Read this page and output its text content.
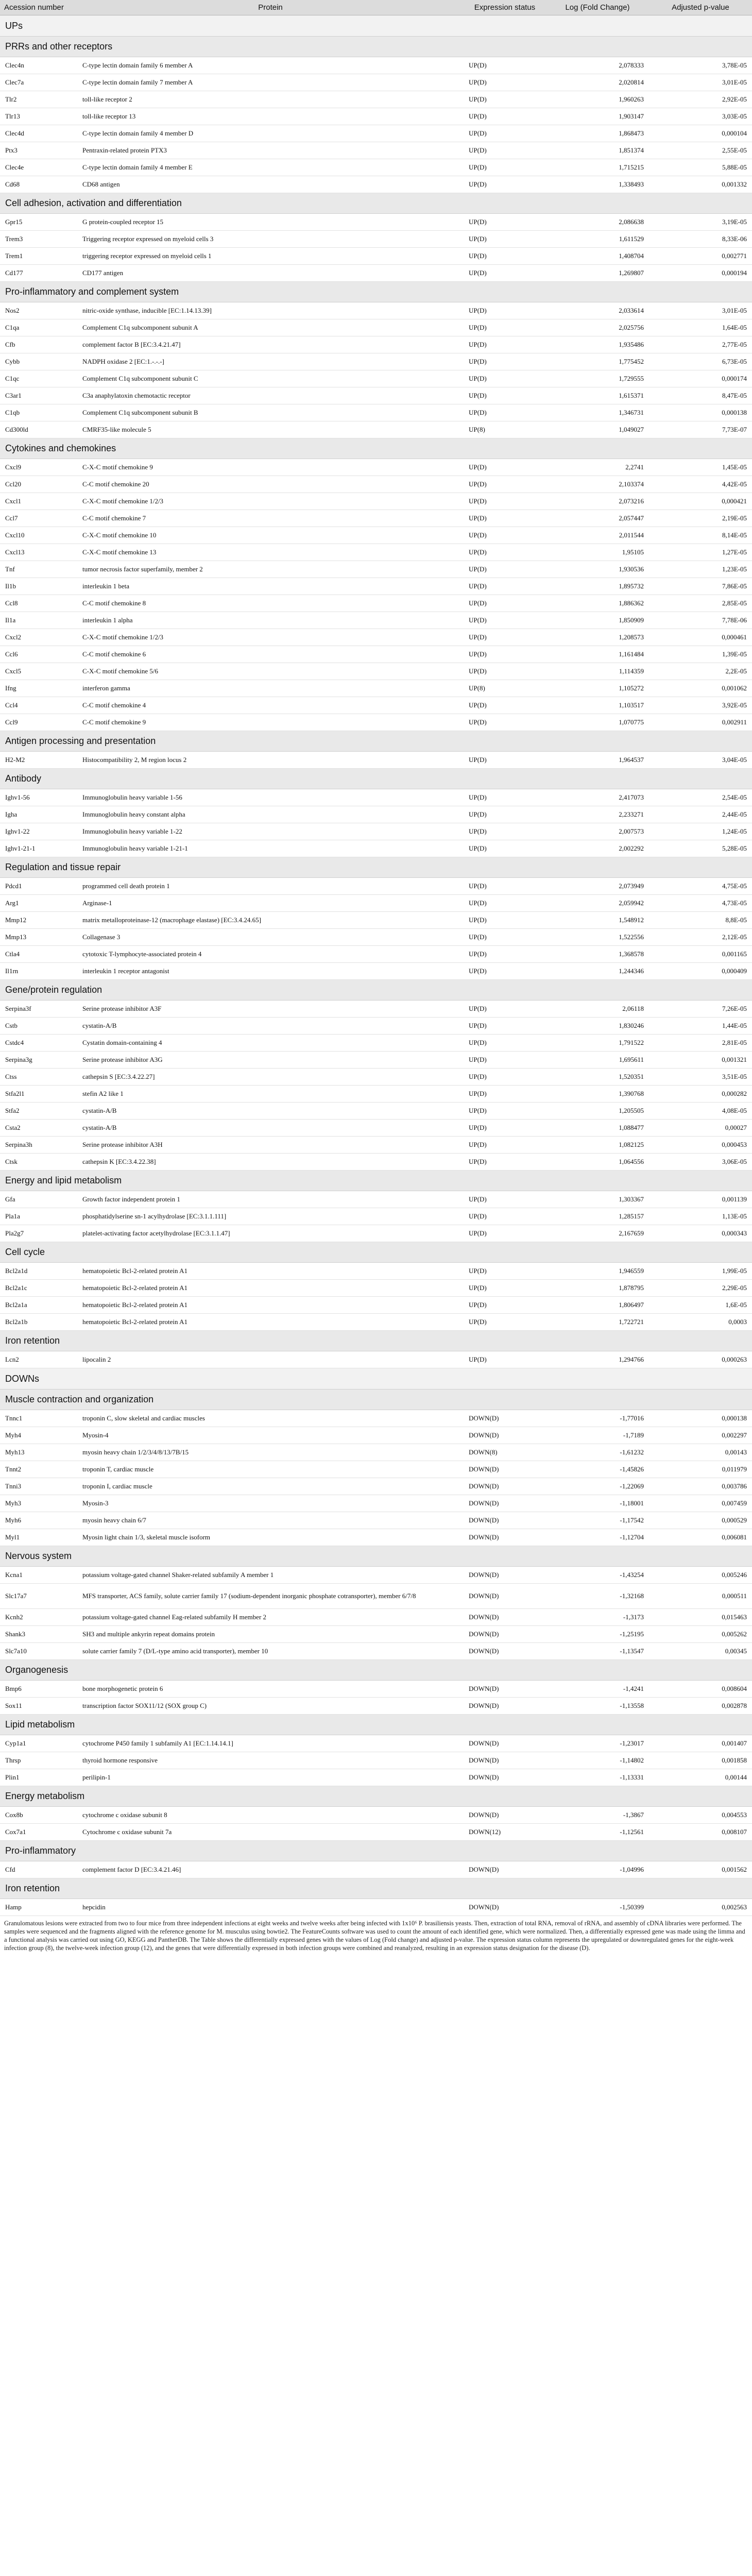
Acession number	Protein	Expression status	Log (Fold Change)	Adjusted p-value
UPs				
PRRs and other receptors				
Clec4n	C-type lectin domain family 6 member A	UP(D)	2,078333	3,78E-05
Clec7a	C-type lectin domain family 7 member A	UP(D)	2,020814	3,01E-05
Tlr2	toll-like receptor 2	UP(D)	1,960263	2,92E-05
Tlr13	toll-like receptor 13	UP(D)	1,903147	3,03E-05
Clec4d	C-type lectin domain family 4 member D	UP(D)	1,868473	0,000104
Ptx3	Pentraxin-related protein PTX3	UP(D)	1,851374	2,55E-05
Clec4e	C-type lectin domain family 4 member E	UP(D)	1,715215	5,88E-05
Cd68	CD68 antigen	UP(D)	1,338493	0,001332
Cell adhesion, activation and differentiation				
Gpr15	G protein-coupled receptor 15	UP(D)	2,086638	3,19E-05
Trem3	Triggering receptor expressed on myeloid cells 3	UP(D)	1,611529	8,33E-06
Trem1	triggering receptor expressed on myeloid cells 1	UP(D)	1,408704	0,002771
Cd177	CD177 antigen	UP(D)	1,269807	0,000194
Pro-inflammatory and complement system				
Nos2	nitric-oxide synthase, inducible [EC:1.14.13.39]	UP(D)	2,033614	3,01E-05
C1qa	Complement C1q subcomponent subunit A	UP(D)	2,025756	1,64E-05
Cfb	complement factor B [EC:3.4.21.47]	UP(D)	1,935486	2,77E-05
Cybb	NADPH oxidase 2 [EC:1.-.-.-]	UP(D)	1,775452	6,73E-05
C1qc	Complement C1q subcomponent subunit C	UP(D)	1,729555	0,000174
C3ar1	C3a anaphylatoxin chemotactic receptor	UP(D)	1,615371	8,47E-05
C1qb	Complement C1q subcomponent subunit B	UP(D)	1,346731	0,000138
Cd300ld	CMRF35-like molecule 5	UP(8)	1,049027	7,73E-07
Cytokines and chemokines				
Cxcl9	C-X-C motif chemokine 9	UP(D)	2,2741	1,45E-05
Ccl20	C-C motif chemokine 20	UP(D)	2,103374	4,42E-05
Cxcl1	C-X-C motif chemokine 1/2/3	UP(D)	2,073216	0,000421
Ccl7	C-C motif chemokine 7	UP(D)	2,057447	2,19E-05
Cxcl10	C-X-C motif chemokine 10	UP(D)	2,011544	8,14E-05
Cxcl13	C-X-C motif chemokine 13	UP(D)	1,95105	1,27E-05
Tnf	tumor necrosis factor superfamily, member 2	UP(D)	1,930536	1,23E-05
Il1b	interleukin 1 beta	UP(D)	1,895732	7,86E-05
Ccl8	C-C motif chemokine 8	UP(D)	1,886362	2,85E-05
Il1a	interleukin 1 alpha	UP(D)	1,850909	7,78E-06
Cxcl2	C-X-C motif chemokine 1/2/3	UP(D)	1,208573	0,000461
Ccl6	C-C motif chemokine 6	UP(D)	1,161484	1,39E-05
Cxcl5	C-X-C motif chemokine 5/6	UP(D)	1,114359	2,2E-05
Ifng	interferon gamma	UP(8)	1,105272	0,001062
Ccl4	C-C motif chemokine 4	UP(D)	1,103517	3,92E-05
Ccl9	C-C motif chemokine 9	UP(D)	1,070775	0,002911
Antigen processing and presentation				
H2-M2	Histocompatibility 2, M region locus 2	UP(D)	1,964537	3,04E-05
Antibody				
Ighv1-56	Immunoglobulin heavy variable 1-56	UP(D)	2,417073	2,54E-05
Igha	Immunoglobulin heavy constant alpha	UP(D)	2,233271	2,44E-05
Ighv1-22	Immunoglobulin heavy variable 1-22	UP(D)	2,007573	1,24E-05
Ighv1-21-1	Immunoglobulin heavy variable 1-21-1	UP(D)	2,002292	5,28E-05
Regulation and tissue repair				
Pdcd1	programmed cell death protein 1	UP(D)	2,073949	4,75E-05
Arg1	Arginase-1	UP(D)	2,059942	4,73E-05
Mmp12	matrix metalloproteinase-12 (macrophage elastase) [EC:3.4.24.65]	UP(D)	1,548912	8,8E-05
Mmp13	Collagenase 3	UP(D)	1,522556	2,12E-05
Ctla4	cytotoxic T-lymphocyte-associated protein 4	UP(D)	1,368578	0,001165
Il1rn	interleukin 1 receptor antagonist	UP(D)	1,244346	0,000409
Gene/protein regulation				
Serpina3f	Serine protease inhibitor A3F	UP(D)	2,06118	7,26E-05
Cstb	cystatin-A/B	UP(D)	1,830246	1,44E-05
Cstdc4	Cystatin domain-containing 4	UP(D)	1,791522	2,81E-05
Serpina3g	Serine protease inhibitor A3G	UP(D)	1,695611	0,001321
Ctss	cathepsin S [EC:3.4.22.27]	UP(D)	1,520351	3,51E-05
Stfa2l1	stefin A2 like 1	UP(D)	1,390768	0,000282
Stfa2	cystatin-A/B	UP(D)	1,205505	4,08E-05
Csta2	cystatin-A/B	UP(D)	1,088477	0,00027
Serpina3h	Serine protease inhibitor A3H	UP(D)	1,082125	0,000453
Ctsk	cathepsin K [EC:3.4.22.38]	UP(D)	1,064556	3,06E-05
Energy and lipid metabolism				
Gfa	Growth factor independent protein 1	UP(D)	1,303367	0,001139
Pla1a	phosphatidylserine sn-1 acylhydrolase [EC:3.1.1.111]	UP(D)	1,285157	1,13E-05
Pla2g7	platelet-activating factor acetylhydrolase [EC:3.1.1.47]	UP(D)	2,167659	0,000343
Cell cycle				
Bcl2a1d	hematopoietic Bcl-2-related protein A1	UP(D)	1,946559	1,99E-05
Bcl2a1c	hematopoietic Bcl-2-related protein A1	UP(D)	1,878795	2,29E-05
Bcl2a1a	hematopoietic Bcl-2-related protein A1	UP(D)	1,806497	1,6E-05
Bcl2a1b	hematopoietic Bcl-2-related protein A1	UP(D)	1,722721	0,0003
Iron retention				
Lcn2	lipocalin 2	UP(D)	1,294766	0,000263
DOWNs				
Muscle contraction and organization				
Tnnc1	troponin C, slow skeletal and cardiac muscles	DOWN(D)	-1,77016	0,000138
Myh4	Myosin-4	DOWN(D)	-1,7189	0,002297
Myh13	myosin heavy chain 1/2/3/4/8/13/7B/15	DOWN(8)	-1,61232	0,00143
Tnnt2	troponin T, cardiac muscle	DOWN(D)	-1,45826	0,011979
Tnni3	troponin I, cardiac muscle	DOWN(D)	-1,22069	0,003786
Myh3	Myosin-3	DOWN(D)	-1,18001	0,007459
Myh6	myosin heavy chain 6/7	DOWN(D)	-1,17542	0,000529
Myl1	Myosin light chain 1/3, skeletal muscle isoform	DOWN(D)	-1,12704	0,006081
Nervous system				
Kcna1	potassium voltage-gated channel Shaker-related subfamily A member 1	DOWN(D)	-1,43254	0,005246
Slc17a7	MFS transporter, ACS family, solute carrier family 17 (sodium-dependent inorganic phosphate cotransporter), member 6/7/8	DOWN(D)	-1,32168	0,000511
Kcnh2	potassium voltage-gated channel Eag-related subfamily H member 2	DOWN(D)	-1,3173	0,015463
Shank3	SH3 and multiple ankyrin repeat domains protein	DOWN(D)	-1,25195	0,005262
Slc7a10	solute carrier family 7 (D/L-type amino acid transporter), member 10	DOWN(D)	-1,13547	0,00345
Organogenesis				
Bmp6	bone morphogenetic protein 6	DOWN(D)	-1,4241	0,008604
Sox11	transcription factor SOX11/12 (SOX group C)	DOWN(D)	-1,13558	0,002878
Lipid metabolism				
Cyp1a1	cytochrome P450 family 1 subfamily A1 [EC:1.14.14.1]	DOWN(D)	-1,23017	0,001407
Thrsp	thyroid hormone responsive	DOWN(D)	-1,14802	0,001858
Plin1	perilipin-1	DOWN(D)	-1,13331	0,00144
Energy metabolism				
Cox8b	cytochrome c oxidase subunit 8	DOWN(D)	-1,3867	0,004553
Cox7a1	Cytochrome c oxidase subunit 7a	DOWN(12)	-1,12561	0,008107
Pro-inflammatory				
Cfd	complement factor D [EC:3.4.21.46]	DOWN(D)	-1,04996	0,001562
Iron retention				
Hamp	hepcidin	DOWN(D)	-1,50399	0,002563
Granulomatous lesions were extracted from two to four mice from three independent infections at eight weeks and twelve weeks after being infected with 1x10⁶ P. brasiliensis yeasts. Then, extraction of total RNA, removal of rRNA, and assembly of cDNA libraries were performed. The samples were sequenced and the fragments aligned with the reference genome for M. musculus using bowtie2. The FeatureCounts software was used to count the amount of each identified gene, which were normalized. Then, a differentially expressed gene was made using the limma and a functional analysis was carried out using GO, KEGG and PantherDB. The Table shows the differentially expressed genes with the values of Log (Fold change) and adjusted p-value. The expression status column represents the upregulated or downregulated genes for the eight-week infection group (8), the twelve-week infection group (12), and the genes that were differentially expressed in both infection groups were combined and reanalyzed, resulting in an expression status designation for the disease (D).
